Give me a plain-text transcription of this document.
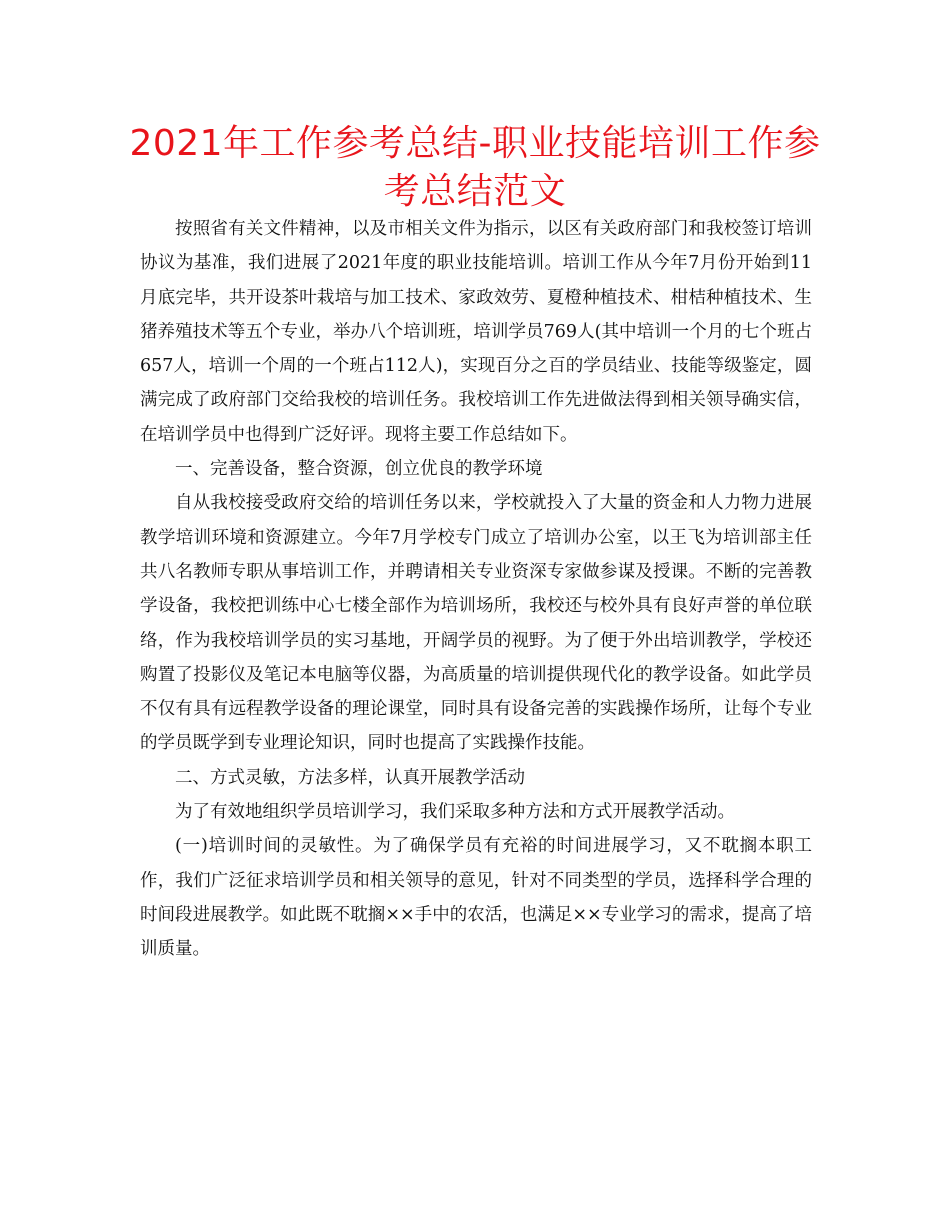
2021年工作参考总结-职业技能培训工作参考总结范文

按照省有关文件精神，以及市相关文件为指示，以区有关政府部门和我校签订培训协议为基准，我们进展了2021年度的职业技能培训。培训工作从今年7月份开始到11月底完毕，共开设茶叶栽培与加工技术、家政效劳、夏橙种植技术、柑桔种植技术、生猪养殖技术等五个专业，举办八个培训班，培训学员769人(其中培训一个月的七个班占657人，培训一个周的一个班占112人)，实现百分之百的学员结业、技能等级鉴定，圆满完成了政府部门交给我校的培训任务。我校培训工作先进做法得到相关领导确实信，在培训学员中也得到广泛好评。现将主要工作总结如下。

一、完善设备，整合资源，创立优良的教学环境

自从我校接受政府交给的培训任务以来，学校就投入了大量的资金和人力物力进展教学培训环境和资源建立。今年7月学校专门成立了培训办公室，以王飞为培训部主任共八名教师专职从事培训工作，并聘请相关专业资深专家做参谋及授课。不断的完善教学设备，我校把训练中心七楼全部作为培训场所，我校还与校外具有良好声誉的单位联络，作为我校培训学员的实习基地，开阔学员的视野。为了便于外出培训教学，学校还购置了投影仪及笔记本电脑等仪器，为高质量的培训提供现代化的教学设备。如此学员不仅有具有远程教学设备的理论课堂，同时具有设备完善的实践操作场所，让每个专业的学员既学到专业理论知识，同时也提高了实践操作技能。

二、方式灵敏，方法多样，认真开展教学活动

为了有效地组织学员培训学习，我们采取多种方法和方式开展教学活动。

(一)培训时间的灵敏性。为了确保学员有充裕的时间进展学习，又不耽搁本职工作，我们广泛征求培训学员和相关领导的意见，针对不同类型的学员，选择科学合理的时间段进展教学。如此既不耽搁××手中的农活，也满足××专业学习的需求，提高了培训质量。
